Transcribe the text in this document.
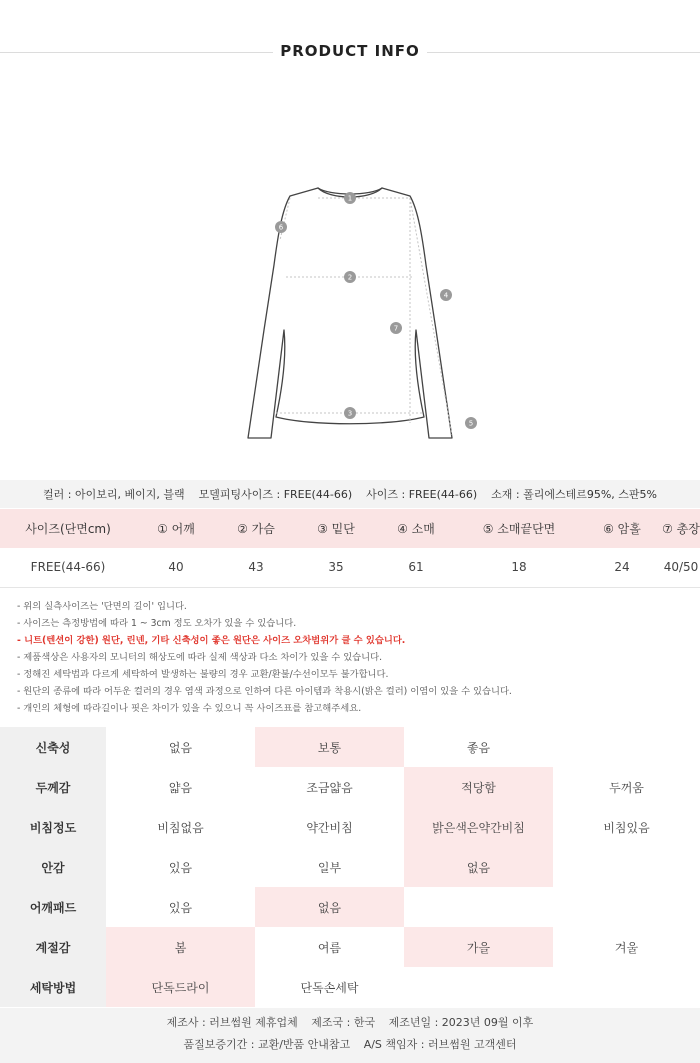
PRODUCT INFO
1
2
3
4
5
6
7
컬러 : 아이보리, 베이지, 블랙 모델피팅사이즈 : FREE(44-66) 사이즈 : FREE(44-66) 소재 : 폴리에스테르95%, 스판5%
사이즈(단면cm)	① 어깨	② 가슴	③ 밑단	④ 소매	⑤ 소매끝단면	⑥ 암홀	⑦ 총장
FREE(44-66)	40	43	35	61	18	24	40/50
- 위의 실측사이즈는 '단면의 길이' 입니다.
- 사이즈는 측정방법에 따라 1 ~ 3cm 정도 오차가 있을 수 있습니다.
- 니트(텐션이 강한) 원단, 린넨, 기타 신축성이 좋은 원단은 사이즈 오차범위가 클 수 있습니다.
- 제품색상은 사용자의 모니터의 해상도에 따라 실제 색상과 다소 차이가 있을 수 있습니다.
- 정해진 세탁법과 다르게 세탁하여 발생하는 불량의 경우 교환/환불/수선이모두 불가합니다.
- 원단의 종류에 따라 어두운 컬러의 경우 염색 과정으로 인하여 다른 아이템과 착용시(밝은 컬러) 이염이 있을 수 있습니다.
- 개인의 체형에 따라길이나 핏은 차이가 있을 수 있으니 꼭 사이즈표를 참고해주세요.
신축성	없음	보통	좋음	
두께감	얇음	조금얇음	적당함	두꺼움
비침정도	비침없음	약간비침	밝은색은약간비침	비침있음
안감	있음	일부	없음	
어깨패드	있음	없음		
계절감	봄	여름	가을	겨울
세탁방법	단독드라이	단독손세탁		
제조사 : 러브썸원 제휴업체 제조국 : 한국 제조년일 : 2023년 09월 이후
품질보증기간 : 교환/반품 안내참고 A/S 책임자 : 러브썸원 고객센터
